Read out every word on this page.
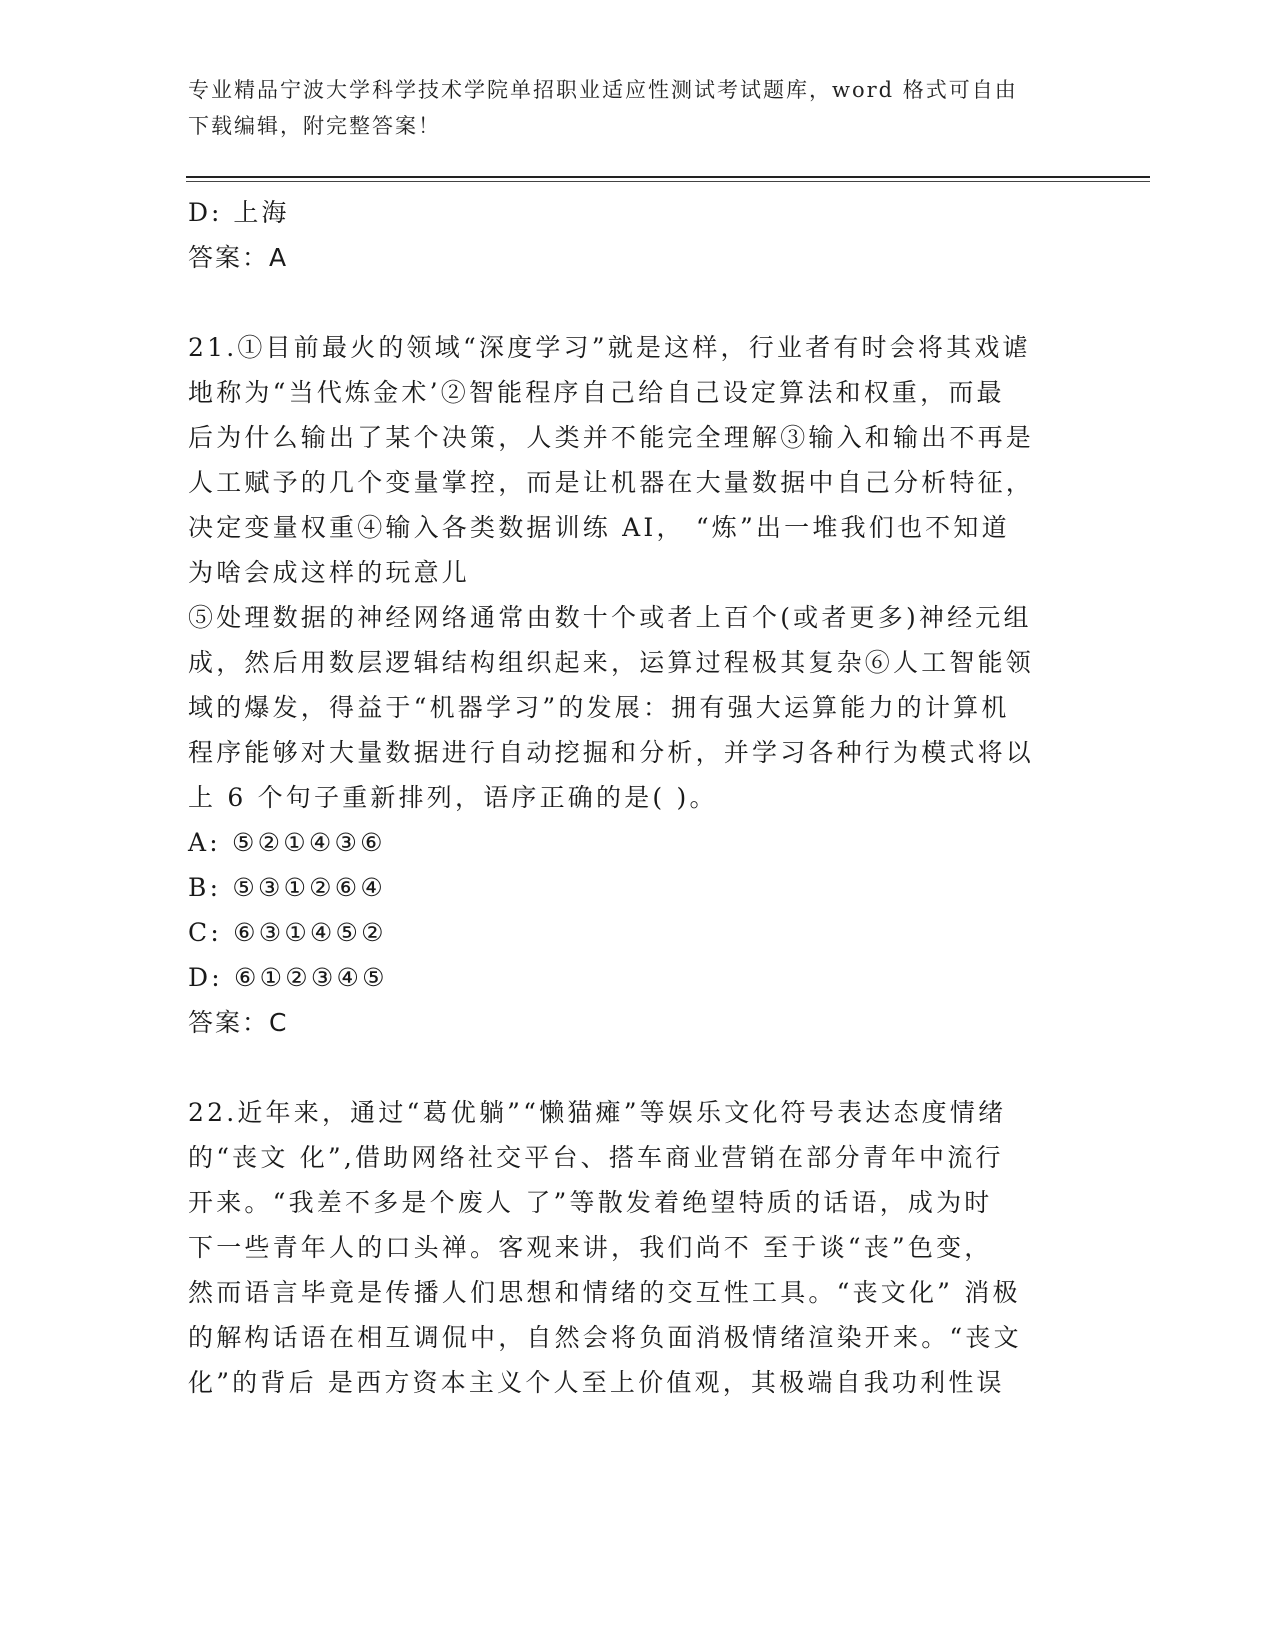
专业精品宁波大学科学技术学院单招职业适应性测试考试题库，word 格式可自由
下载编辑，附完整答案！
D: 上海
答案：A
21.①目前最火的领域“深度学习”就是这样，行业者有时会将其戏谑
地称为“当代炼金术’②智能程序自己给自己设定算法和权重，而最
后为什么输出了某个决策，人类并不能完全理解③输入和输出不再是
人工赋予的几个变量掌控，而是让机器在大量数据中自己分析特征，
决定变量权重④输入各类数据训练 AI， “炼”出一堆我们也不知道
为啥会成这样的玩意儿
⑤处理数据的神经网络通常由数十个或者上百个(或者更多)神经元组
成，然后用数层逻辑结构组织起来，运算过程极其复杂⑥人工智能领
域的爆发，得益于“机器学习”的发展：拥有强大运算能力的计算机
程序能够对大量数据进行自动挖掘和分析，并学习各种行为模式将以
上 6 个句子重新排列，语序正确的是( )。
A: ⑤②①④③⑥
B: ⑤③①②⑥④
C: ⑥③①④⑤②
D: ⑥①②③④⑤
答案：C
22.近年来，通过“葛优躺”“懒猫瘫”等娱乐文化符号表达态度情绪
的“丧文 化”,借助网络社交平台、搭车商业营销在部分青年中流行
开来。“我差不多是个废人 了”等散发着绝望特质的话语，成为时
下一些青年人的口头禅。客观来讲，我们尚不 至于谈“丧”色变，
然而语言毕竟是传播人们思想和情绪的交互性工具。“丧文化” 消极
的解构话语在相互调侃中，自然会将负面消极情绪渲染开来。“丧文
化”的背后 是西方资本主义个人至上价值观，其极端自我功利性误
